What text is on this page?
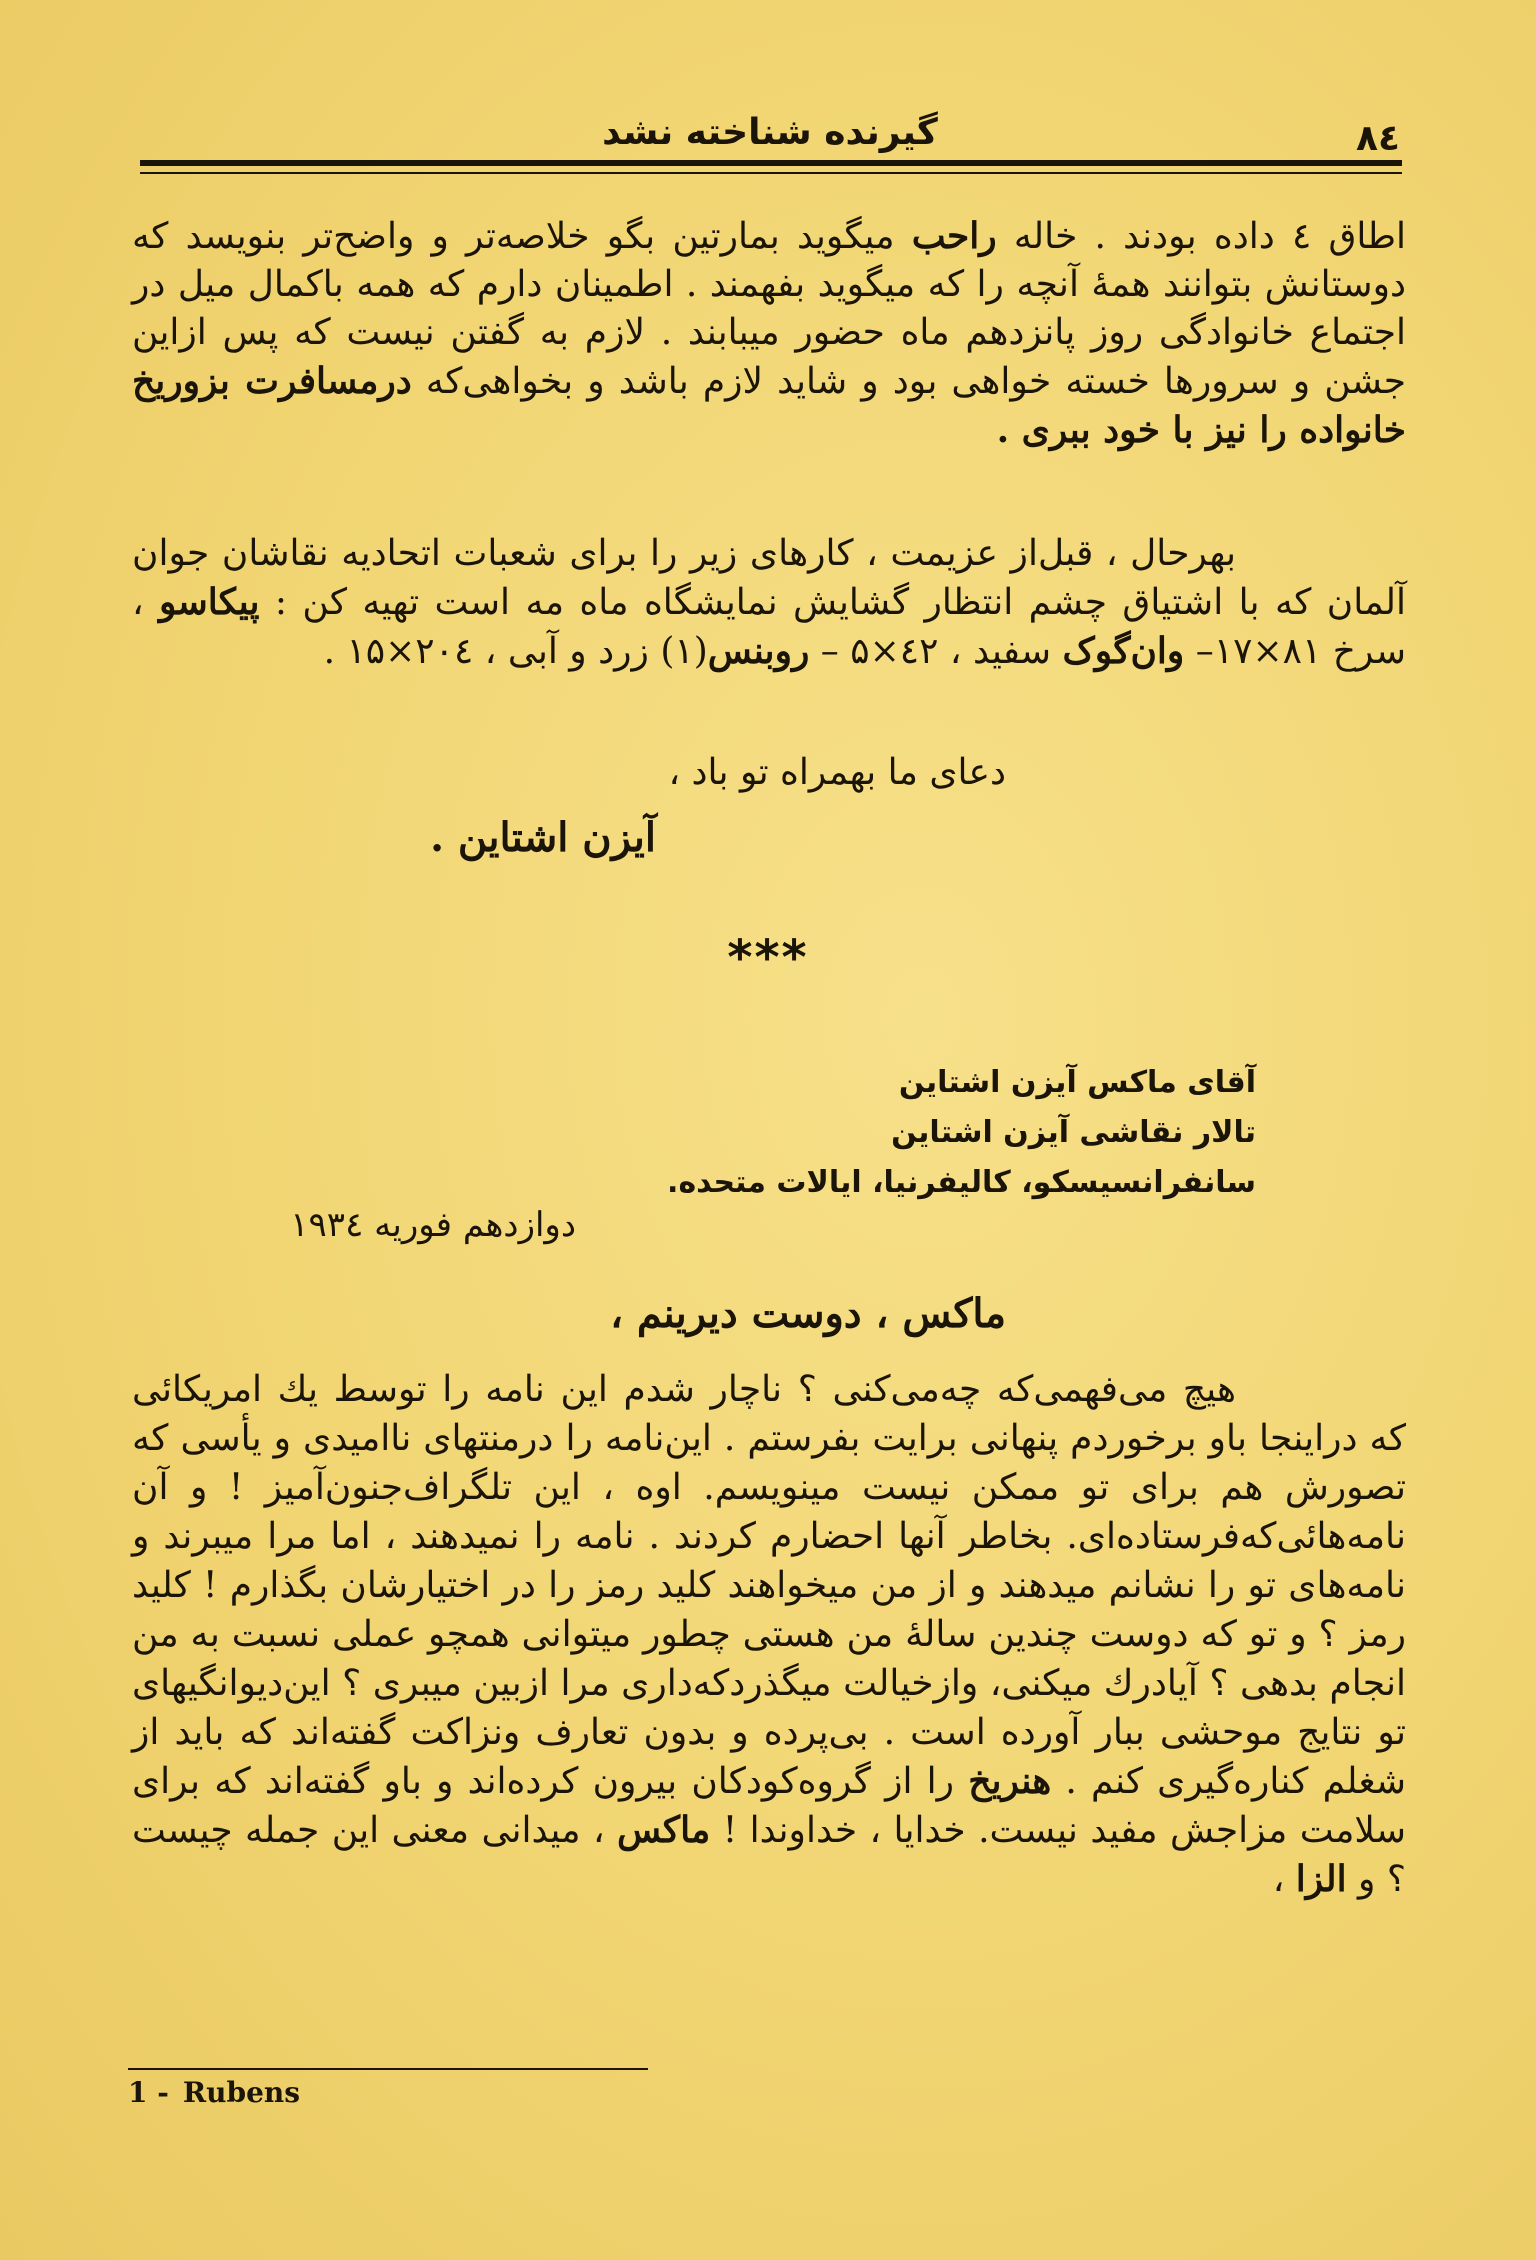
۸٤
گیرنده شناخته نشد

اطاق ٤ داده بودند . خاله راحب میگوید بمارتین بگو خلاصه‌تر و واضح‌تر بنویسد که دوستانش بتوانند همهٔ آنچه را که میگوید بفهمند . اطمینان دارم که همه باکمال میل در اجتماع خانوادگی روز پانزدهم ماه حضور میبابند . لازم به گفتن نیست که پس ازاین جشن و سرورها خسته خواهی بود و شاید لازم باشد و بخواهی‌که درمسافرت بزوریخ خانواده را نیز با خود ببری .

بهرحال ، قبل‌از عزیمت ، کارهای زیر را برای شعبات اتحادیه نقاشان جوان آلمان که با اشتیاق چشم انتظار گشایش نمایشگاه ماه مه است تهیه کن : پیکاسو ، سرخ ۸۱×۱۷– وان‌گوک سفید ، ٤۲×۵ – روبنس(۱) زرد و آبی ، ۲۰٤×۱۵ .

دعای ما بهمراه تو باد ،
آیزن اشتاین .
***
آقای ماکس آیزن اشتاین
تالار نقاشی آیزن اشتاین
سانفرانسیسکو، کالیفرنیا، ایالات متحده.
دوازدهم فوریه ۱۹۳٤
ماکس ، دوست دیرینم ،

هیچ می‌فهمی‌که چه‌می‌کنی ؟ ناچار شدم این نامه را توسط یك امریکائی که دراینجا باو برخوردم پنهانی برایت بفرستم . این‌نامه را درمنتهای ناامیدی و یأسی که تصورش هم برای تو ممکن نیست مینویسم. اوه ، این تلگراف‌جنون‌آمیز ! و آن نامه‌هائی‌که‌فرستاده‌ای. بخاطر آنها احضارم کردند . نامه را نمیدهند ، اما مرا میبرند و نامه‌های تو را نشانم میدهند و از من میخواهند کلید رمز را در اختیارشان بگذارم ! کلید رمز ؟ و تو که دوست چندین سالهٔ من هستی چطور میتوانی همچو عملی نسبت به من انجام بدهی ؟ آیادرك میکنی، وازخیالت میگذردکه‌داری مرا ازبین میبری ؟ این‌دیوانگیهای تو نتایج موحشی ببار آورده است . بی‌پرده و بدون تعارف ونزاکت گفته‌اند که باید از شغلم کناره‌گیری کنم . هنریخ را از گروه‌کودکان بیرون کرده‌اند و باو گفته‌اند که برای سلامت مزاجش مفید نیست. خدایا ، خداوندا ! ماکس ، میدانی معنی این جمله چیست ؟ و الزا ،

1 - Rubens
